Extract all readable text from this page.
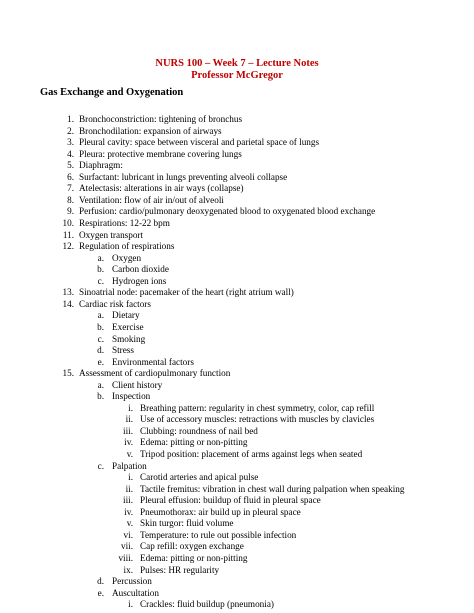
NURS 100 – Week 7 – Lecture Notes
Professor McGregor
Gas Exchange and Oxygenation
1. Bronchoconstriction: tightening of bronchus
2. Bronchodilation: expansion of airways
3. Pleural cavity: space between visceral and parietal space of lungs
4. Pleura: protective membrane covering lungs
5. Diaphragm:
6. Surfactant: lubricant in lungs preventing alveoli collapse
7. Atelectasis: alterations in air ways (collapse)
8. Ventilation: flow of air in/out of alveoli
9. Perfusion: cardio/pulmonary deoxygenated blood to oxygenated blood exchange
10. Respirations: 12-22 bpm
11. Oxygen transport
12. Regulation of respirations
a. Oxygen
b. Carbon dioxide
c. Hydrogen ions
13. Sinoatrial node: pacemaker of the heart (right atrium wall)
14. Cardiac risk factors
a. Dietary
b. Exercise
c. Smoking
d. Stress
e. Environmental factors
15. Assessment of cardiopulmonary function
a. Client history
b. Inspection
i. Breathing pattern: regularity in chest symmetry, color, cap refill
ii. Use of accessory muscles: retractions with muscles by clavicles
iii. Clubbing: roundness of nail bed
iv. Edema: pitting or non-pitting
v. Tripod position: placement of arms against legs when seated
c. Palpation
i. Carotid arteries and apical pulse
ii. Tactile fremitus: vibration in chest wall during palpation when speaking
iii. Pleural effusion: buildup of fluid in pleural space
iv. Pneumothorax: air build up in pleural space
v. Skin turgor: fluid volume
vi. Temperature: to rule out possible infection
vii. Cap refill: oxygen exchange
viii. Edema: pitting or non-pitting
ix. Pulses: HR regularity
d. Percussion
e. Auscultation
i. Crackles: fluid buildup (pneumonia)
